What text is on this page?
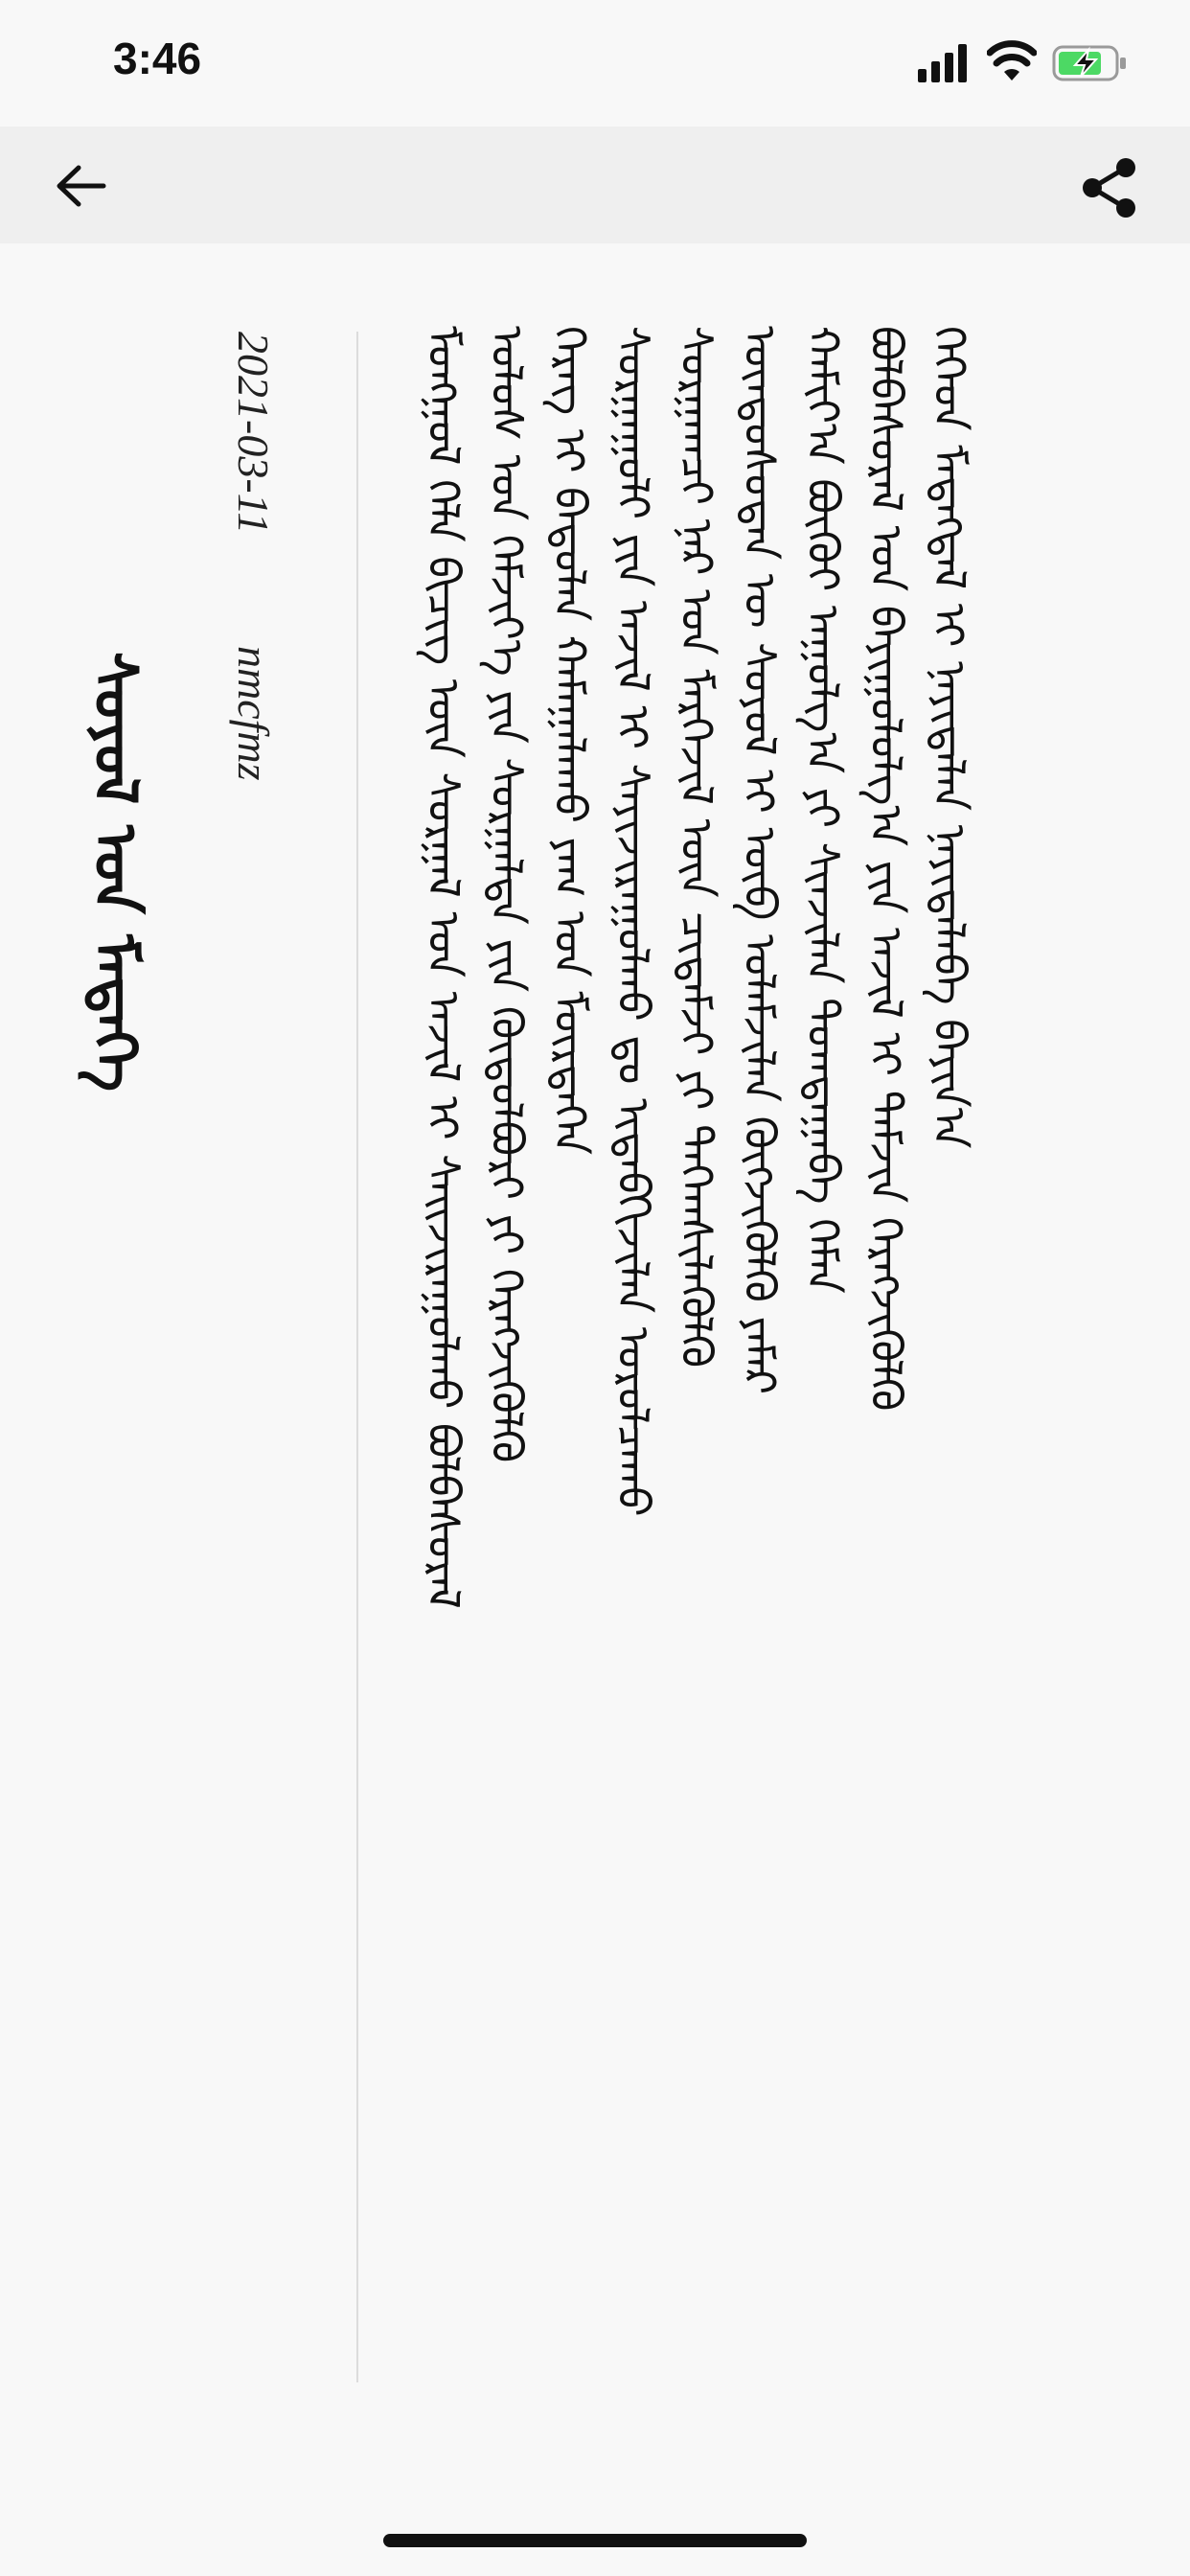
3:46
ᠰᠣᠶᠣᠯ ᠤᠨ ᠮᠡᠳᠡᠭᠡ
2021-03-11
nmcfmz	ᠮᠣᠩᠭᠣᠯ ᠬᠡᠯᠡ ᠪᠢᠴᠢᠭ ᠦᠨ ᠰᠤᠷᠭᠠᠯ ᠤᠨ ᠠᠵᠢᠯ ᠢ ᠰᠠᠢᠵᠢᠷᠠᠭᠤᠯᠬᠤ ᠪᠣᠯᠪᠠᠰᠤᠷᠠᠯ ᠤᠯᠤᠰ ᠤᠨ ᠬᠡᠮᠵᠢᠶ᠎ᠡ ᠶᠢᠨ ᠰᠤᠷᠭᠠᠯᠲᠠ ᠶᠢᠨ ᠬᠥᠲᠦᠯᠪᠦᠷᠢ ᠶᠢ ᠬᠡᠷᠡᠭᠵᠢᠭᠦᠯᠬᠦ ᠬᠡᠷᠡᠭ ᠢ ᠪᠠᠲᠤᠯᠠᠨ ᠬᠠᠮᠠᠭᠠᠯᠠᠬᠤ ᠶᠠᠭ ᠤᠨ ᠮᠥᠷᠲᠡᠭᠡᠨ ᠰᠤᠷᠭᠠᠭᠤᠯᠢ ᠶᠢᠨ ᠠᠵᠢᠯ ᠢ ᠰᠠᠶᠢᠵᠢᠷᠠᠭᠤᠯᠬᠤ ᠳᠤ ᠢᠳᠡᠪᠬᠢᠵᠢᠯᠡᠨ ᠣᠷᠣᠯᠴᠠᠬᠤ ᠰᠤᠷᠭᠠᠭᠴᠢ ᠨᠠᠷ ᠤᠨ ᠮᠡᠷᠭᠡᠵᠢᠯ ᠦᠨ ᠴᠢᠳᠠᠮᠵᠢ ᠶᠢ ᠳᠡᠭᠡᠭ᠍ᠰᠢᠯᠡᠭᠦᠯᠬᠦ ᠦᠨᠳᠦᠰᠦᠲᠡᠨ ᠦ ᠰᠣᠶᠣᠯ ᠢ ᠥᠪ ᠤᠯᠠᠮᠵᠢᠯᠠᠨ ᠬᠥᠭᠵᠢᠭᠦᠯᠬᠦ ᠶᠠᠮᠠᠷ ᠬᠠᠮᠢᠶ᠎ᠠ ᠪᠦᠬᠦᠢ ᠠᠭᠤᠯᠭ᠎ᠠ ᠶᠢ ᠰᠢᠨᠵᠢᠯᠡᠨ ᠲᠣᠭᠲᠠᠭᠠᠪᠠ ᠬᠡᠮᠡᠨ ᠪᠣᠯᠪᠠᠰᠤᠷᠠᠯ ᠤᠨ ᠪᠠᠶᠢᠭᠤᠯᠤᠯᠭ᠎ᠠ ᠶᠢᠨ ᠠᠵᠢᠯ ᠢ ᠳᠡᠮᠵᠢᠨ ᠬᠡᠷᠡᠭᠵᠢᠭᠦᠯᠬᠦ ᠬᠡᠭᠡᠳ ᠮᠡᠳᠡᠭᠳᠡᠯ ᠢ ᠨᠡᠶᠢᠲᠡᠯᠡᠨ ᠨᠡᠶᠢᠲᠡᠯᠡᠪᠡ ᠪᠠᠶᠢᠨ᠎ᠠ
